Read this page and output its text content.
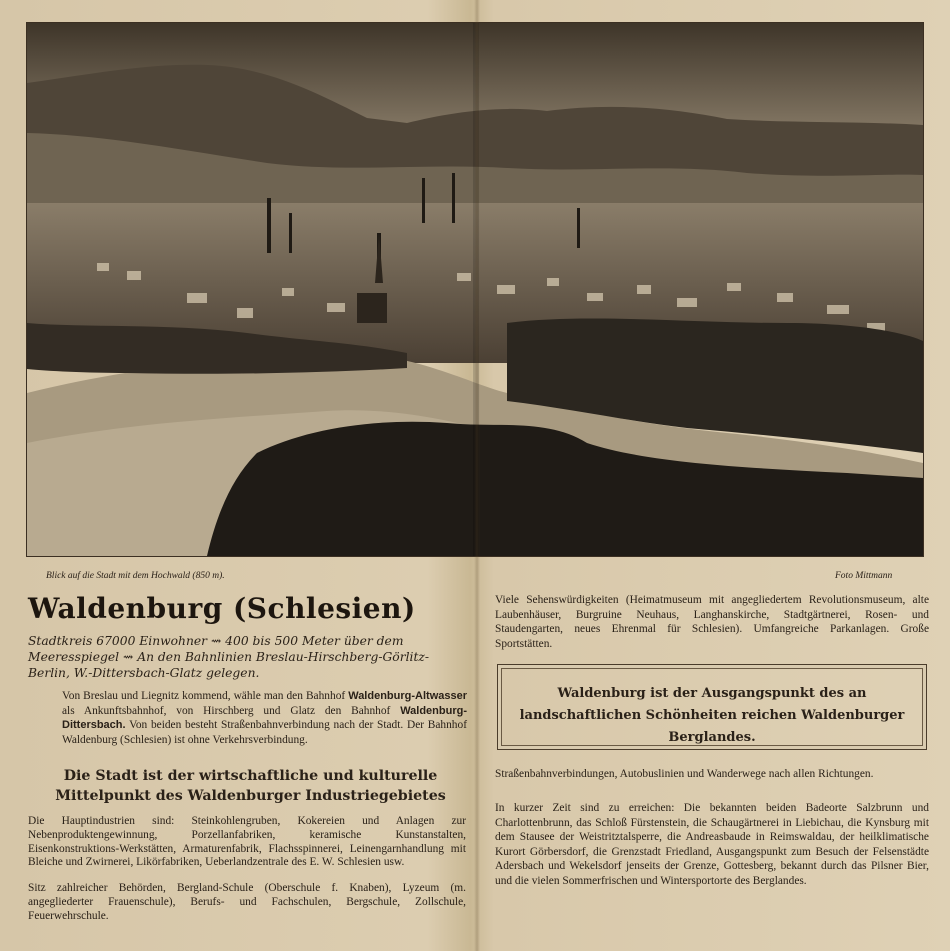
Blick auf die Stadt mit dem Hochwald (850 m).	Foto Mittmann
Waldenburg (Schlesien)
Stadtkreis 67000 Einwohner ⇝ 400 bis 500 Meter über dem Meeresspiegel ⇝ An den Bahnlinien Breslau-Hirschberg-Görlitz-Berlin, W.-Dittersbach-Glatz gelegen.
Von Breslau und Liegnitz kommend, wähle man den Bahnhof Waldenburg-Altwasser als Ankunftsbahnhof, von Hirschberg und Glatz den Bahnhof Waldenburg-Dittersbach. Von beiden besteht Straßenbahnverbindung nach der Stadt. Der Bahnhof Waldenburg (Schlesien) ist ohne Verkehrsverbindung.
Die Stadt ist der wirtschaftliche und kulturelle Mittelpunkt des Waldenburger Industriegebietes
Die Hauptindustrien sind: Steinkohlengruben, Kokereien und Anlagen zur Nebenproduktengewinnung, Porzellanfabriken, keramische Kunstanstalten, Eisenkonstruktions-Werkstätten, Armaturenfabrik, Flachsspinnerei, Leinengarnhandlung mit Bleiche und Zwirnerei, Likörfabriken, Ueberlandzentrale des E. W. Schlesien usw.
Sitz zahlreicher Behörden, Bergland-Schule (Oberschule f. Knaben), Lyzeum (m. angegliederter Frauenschule), Berufs- und Fachschulen, Bergschule, Zollschule, Feuerwehrschule.
Viele Sehenswürdigkeiten (Heimatmuseum mit angegliedertem Revolutionsmuseum, alte Laubenhäuser, Burgruine Neuhaus, Langhanskirche, Stadtgärtnerei, Rosen- und Staudengarten, neues Ehrenmal für Schlesien). Umfangreiche Parkanlagen. Große Sportstätten.
Waldenburg ist der Ausgangspunkt des an landschaftlichen Schönheiten reichen Waldenburger Berglandes.
Straßenbahnverbindungen, Autobuslinien und Wanderwege nach allen Richtungen.
In kurzer Zeit sind zu erreichen: Die bekannten beiden Badeorte Salzbrunn und Charlottenbrunn, das Schloß Fürstenstein, die Schaugärtnerei in Liebichau, die Kynsburg mit dem Stausee der Weistritztalsperre, die Andreasbaude in Reimswaldau, der heilklimatische Kurort Görbersdorf, die Grenzstadt Friedland, Ausgangspunkt zum Besuch der Felsenstädte Adersbach und Wekelsdorf jenseits der Grenze, Gottesberg, bekannt durch das Pilsner Bier, und die vielen Sommerfrischen und Wintersportorte des Berglandes.
